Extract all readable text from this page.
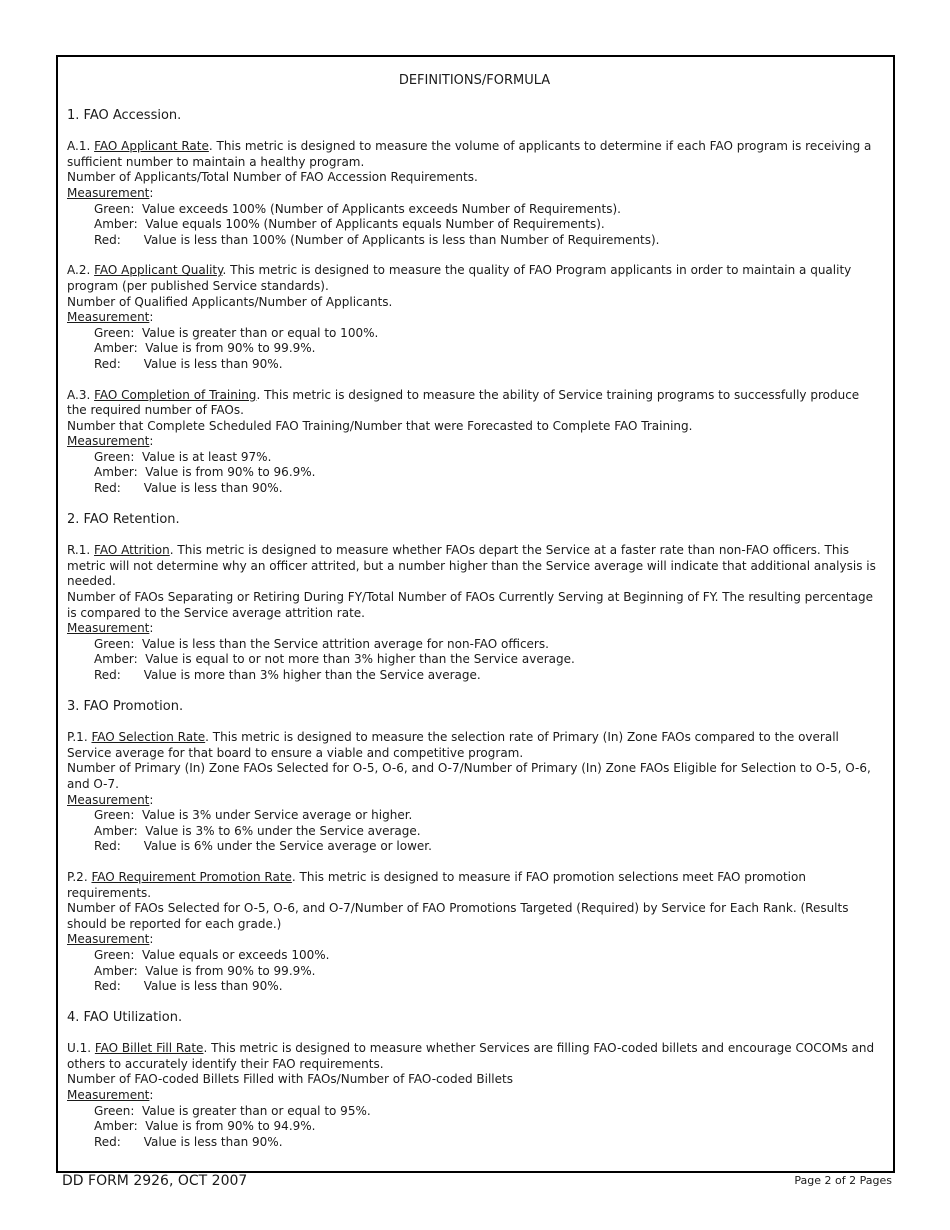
DEFINITIONS/FORMULA
1. FAO Accession.

A.1. FAO Applicant Rate. This metric is designed to measure the volume of applicants to determine if each FAO program is receiving a sufficient number to maintain a healthy program.

Number of Applicants/Total Number of FAO Accession Requirements.

Measurement:

Green:  Value exceeds 100% (Number of Applicants exceeds Number of Requirements).

Amber:  Value equals 100% (Number of Applicants equals Number of Requirements).

Red:      Value is less than 100% (Number of Applicants is less than Number of Requirements).

A.2. FAO Applicant Quality. This metric is designed to measure the quality of FAO Program applicants in order to maintain a quality program (per published Service standards).

Number of Qualified Applicants/Number of Applicants.

Measurement:

Green:  Value is greater than or equal to 100%.

Amber:  Value is from 90% to 99.9%.

Red:      Value is less than 90%.

A.3. FAO Completion of Training. This metric is designed to measure the ability of Service training programs to successfully produce the required number of FAOs.

Number that Complete Scheduled FAO Training/Number that were Forecasted to Complete FAO Training.

Measurement:

Green:  Value is at least 97%.

Amber:  Value is from 90% to 96.9%.

Red:      Value is less than 90%.

2. FAO Retention.

R.1. FAO Attrition. This metric is designed to measure whether FAOs depart the Service at a faster rate than non-FAO officers. This metric will not determine why an officer attrited, but a number higher than the Service average will indicate that additional analysis is needed.

Number of FAOs Separating or Retiring During FY/Total Number of FAOs Currently Serving at Beginning of FY. The resulting percentage is compared to the Service average attrition rate.

Measurement:

Green:  Value is less than the Service attrition average for non-FAO officers.

Amber:  Value is equal to or not more than 3% higher than the Service average.

Red:      Value is more than 3% higher than the Service average.

3. FAO Promotion.

P.1. FAO Selection Rate. This metric is designed to measure the selection rate of Primary (In) Zone FAOs compared to the overall Service average for that board to ensure a viable and competitive program.

Number of Primary (In) Zone FAOs Selected for O-5, O-6, and O-7/Number of Primary (In) Zone FAOs Eligible for Selection to O-5, O-6, and O-7.

Measurement:

Green:  Value is 3% under Service average or higher.

Amber:  Value is 3% to 6% under the Service average.

Red:      Value is 6% under the Service average or lower.

P.2. FAO Requirement Promotion Rate. This metric is designed to measure if FAO promotion selections meet FAO promotion requirements.

Number of FAOs Selected for O-5, O-6, and O-7/Number of FAO Promotions Targeted (Required) by Service for Each Rank. (Results should be reported for each grade.)

Measurement:

Green:  Value equals or exceeds 100%.

Amber:  Value is from 90% to 99.9%.

Red:      Value is less than 90%.

4. FAO Utilization.

U.1. FAO Billet Fill Rate. This metric is designed to measure whether Services are filling FAO-coded billets and encourage COCOMs and others to accurately identify their FAO requirements.

Number of FAO-coded Billets Filled with FAOs/Number of FAO-coded Billets

Measurement:

Green:  Value is greater than or equal to 95%.

Amber:  Value is from 90% to 94.9%.

Red:      Value is less than 90%.

DD FORM 2926, OCT 2007	Page 2 of 2 Pages
